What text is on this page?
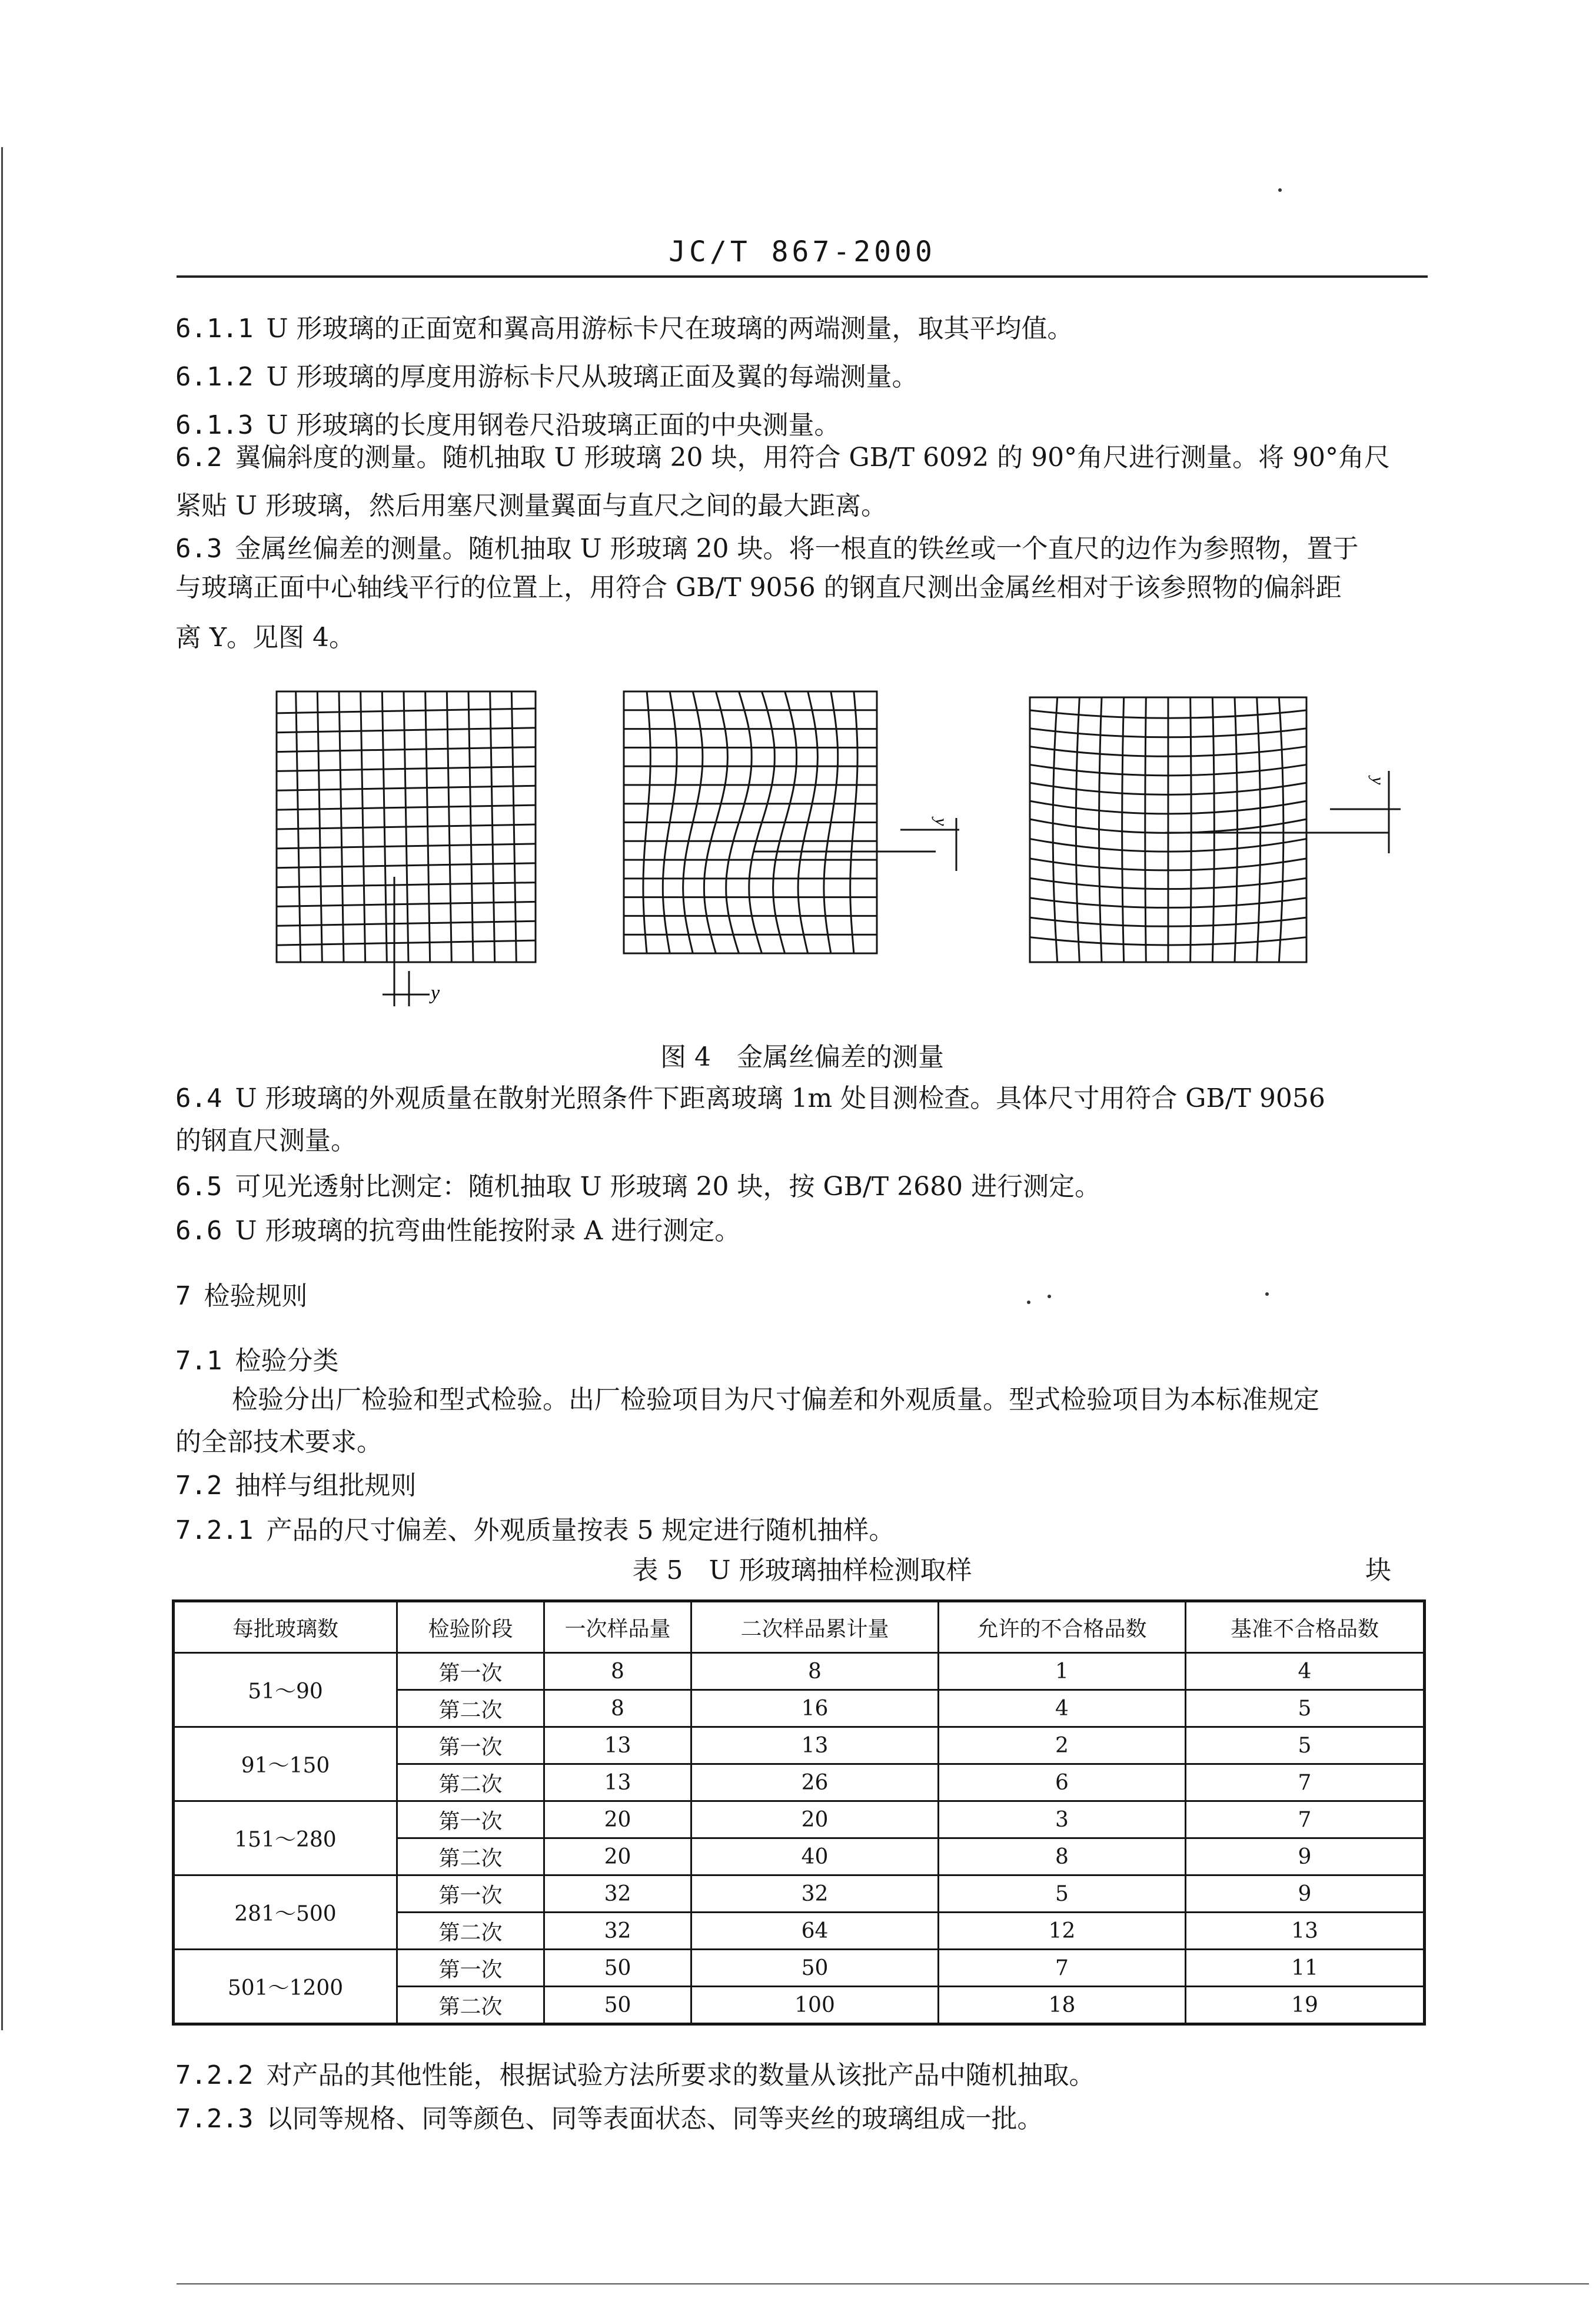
JC/T 867-2000
6.1.1 U 形玻璃的正面宽和翼高用游标卡尺在玻璃的两端测量，取其平均值。
6.1.2 U 形玻璃的厚度用游标卡尺从玻璃正面及翼的每端测量。
6.1.3 U 形玻璃的长度用钢卷尺沿玻璃正面的中央测量。
6.2 翼偏斜度的测量。随机抽取 U 形玻璃 20 块，用符合 GB/T 6092 的 90°角尺进行测量。将 90°角尺
紧贴 U 形玻璃，然后用塞尺测量翼面与直尺之间的最大距离。
6.3 金属丝偏差的测量。随机抽取 U 形玻璃 20 块。将一根直的铁丝或一个直尺的边作为参照物，置于
与玻璃正面中心轴线平行的位置上，用符合 GB/T 9056 的钢直尺测出金属丝相对于该参照物的偏斜距
离 Y。见图 4。
y
y
y
图 4　金属丝偏差的测量
6.4 U 形玻璃的外观质量在散射光照条件下距离玻璃 1m 处目测检查。具体尺寸用符合 GB/T 9056
的钢直尺测量。
6.5 可见光透射比测定：随机抽取 U 形玻璃 20 块，按 GB/T 2680 进行测定。
6.6 U 形玻璃的抗弯曲性能按附录 A 进行测定。
7 检验规则
7.1 检验分类
检验分出厂检验和型式检验。出厂检验项目为尺寸偏差和外观质量。型式检验项目为本标准规定
的全部技术要求。
7.2 抽样与组批规则
7.2.1 产品的尺寸偏差、外观质量按表 5 规定进行随机抽样。
表 5　U 形玻璃抽样检测取样	块
每批玻璃数	检验阶段	一次样品量	二次样品累计量	允许的不合格品数	基准不合格品数
51～90	第一次	8	8	1	4
	第二次	8	16	4	5
91～150	第一次	13	13	2	5
	第二次	13	26	6	7
151～280	第一次	20	20	3	7
	第二次	20	40	8	9
281～500	第一次	32	32	5	9
	第二次	32	64	12	13
501～1200	第一次	50	50	7	11
	第二次	50	100	18	19
7.2.2 对产品的其他性能，根据试验方法所要求的数量从该批产品中随机抽取。
7.2.3 以同等规格、同等颜色、同等表面状态、同等夹丝的玻璃组成一批。
